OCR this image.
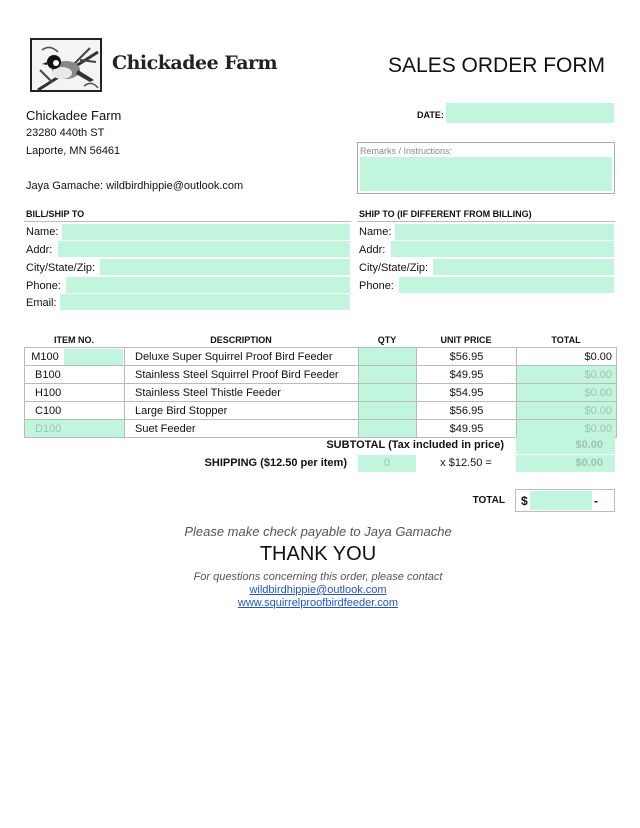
Chickadee Farm	SALES ORDER FORM
Chickadee Farm
23280 440th ST
Laporte, MN 56461
Jaya Gamache: wildbirdhippie@outlook.com
DATE:
Remarks / Instructions:
BILL/SHIP TO
Name:
Addr:
City/State/Zip:
Phone:
Email:
SHIP TO (IF DIFFERENT FROM BILLING)
Name:
Addr:
City/State/Zip:
Phone:
ITEM NO.	DESCRIPTION	QTY	UNIT PRICE	TOTAL
M100	Deluxe Super Squirrel Proof Bird Feeder		$56.95	$0.00
B100	Stainless Steel Squirrel Proof Bird Feeder		$49.95	$0.00
H100	Stainless Steel Thistle Feeder		$54.95	$0.00
C100	Large Bird Stopper		$56.95	$0.00
D100	Suet Feeder		$49.95	$0.00
SUBTOTAL (Tax included in price)	$0.00
SHIPPING ($12.50 per item)	0	x $12.50 =	$0.00
TOTAL $	-
Please make check payable to Jaya Gamache
THANK YOU
For questions concerning this order, please contact
wildbirdhippie@outlook.com
www.squirrelproofbirdfeeder.com
